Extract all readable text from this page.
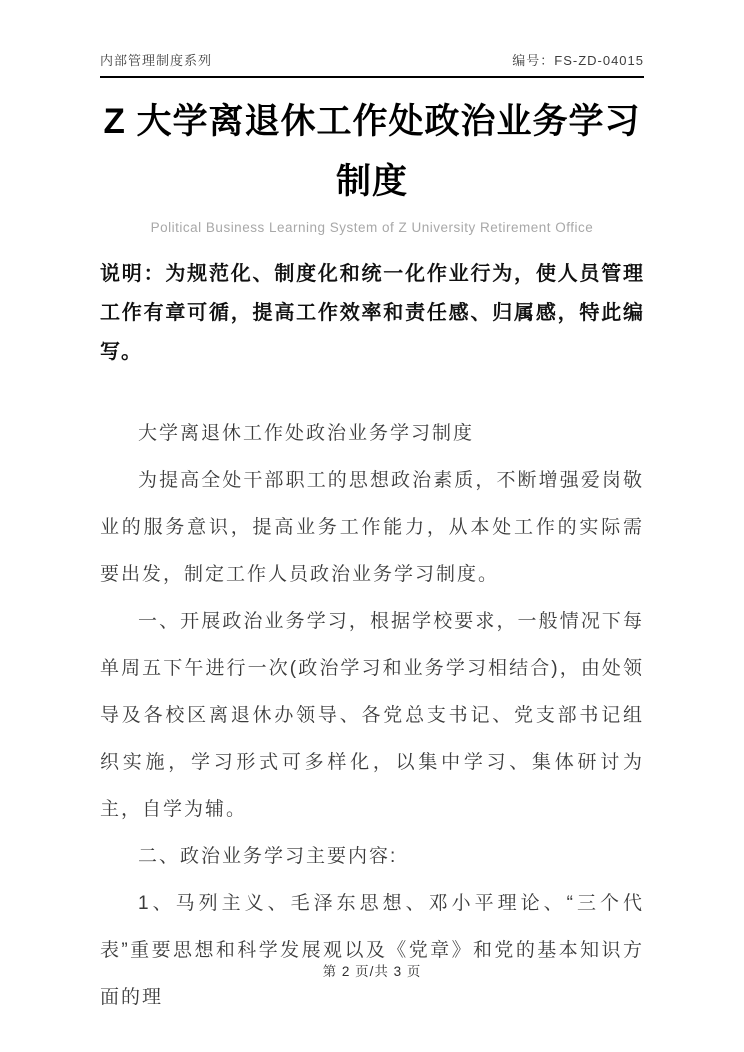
内部管理制度系列	编号：FS-ZD-04015
Z 大学离退休工作处政治业务学习制度
Political Business Learning System of Z University Retirement Office
说明：为规范化、制度化和统一化作业行为，使人员管理工作有章可循，提高工作效率和责任感、归属感，特此编写。

大学离退休工作处政治业务学习制度

为提高全处干部职工的思想政治素质，不断增强爱岗敬业的服务意识，提高业务工作能力，从本处工作的实际需要出发，制定工作人员政治业务学习制度。

一、开展政治业务学习，根据学校要求，一般情况下每单周五下午进行一次(政治学习和业务学习相结合)，由处领导及各校区离退休办领导、各党总支书记、党支部书记组织实施，学习形式可多样化，以集中学习、集体研讨为主，自学为辅。

二、政治业务学习主要内容:

1、马列主义、毛泽东思想、邓小平理论、“三个代表”重要思想和科学发展观以及《党章》和党的基本知识方面的理

第 2 页/共 3 页
